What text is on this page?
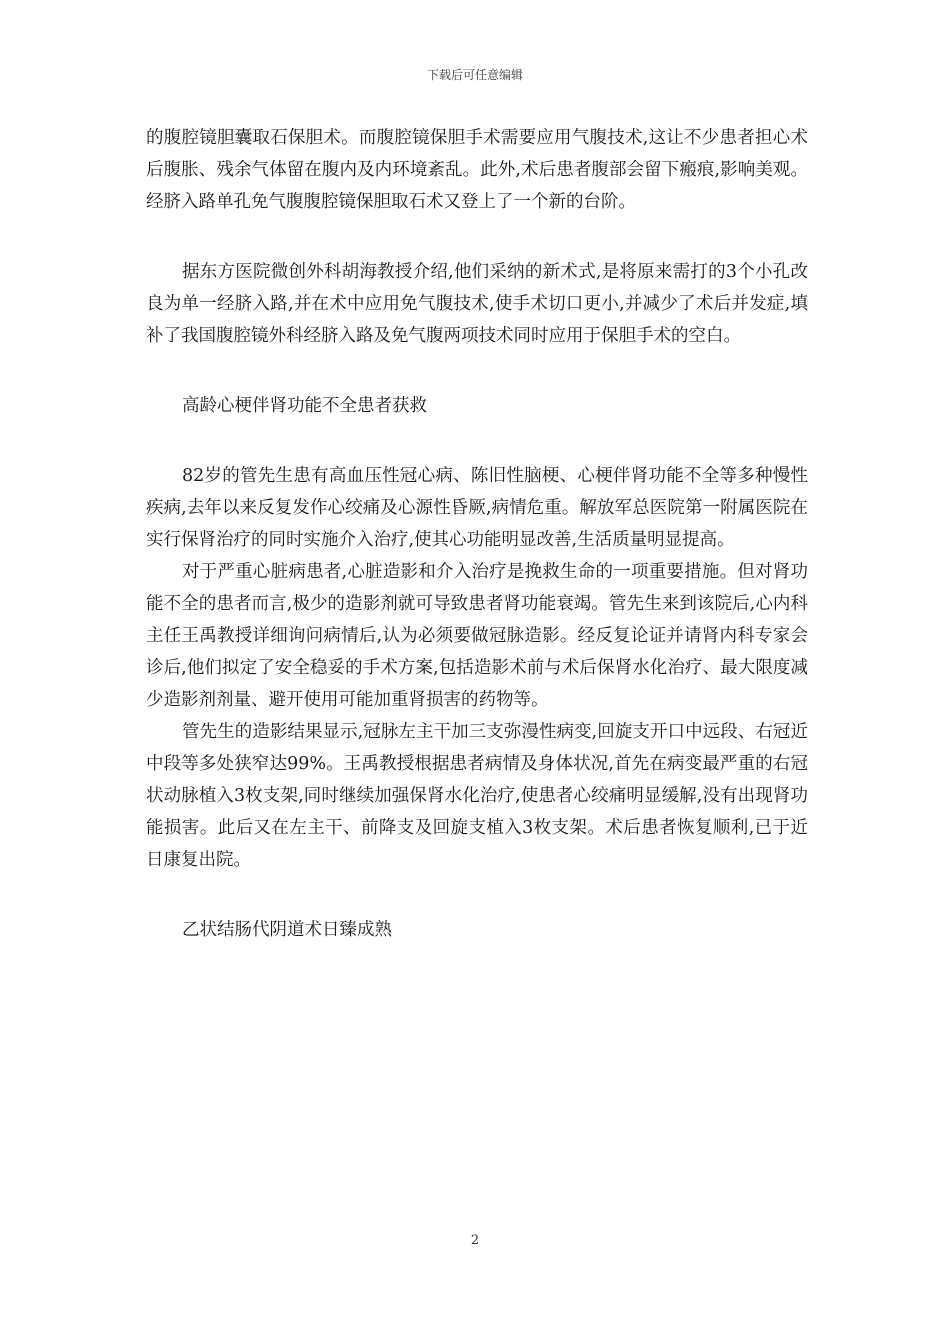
下载后可任意编辑

的腹腔镜胆囊取石保胆术。而腹腔镜保胆手术需要应用气腹技术,这让不少患者担心术后腹胀、残余气体留在腹内及内环境紊乱。此外,术后患者腹部会留下瘢痕,影响美观。经脐入路单孔免气腹腹腔镜保胆取石术又登上了一个新的台阶。

据东方医院微创外科胡海教授介绍,他们采纳的新术式,是将原来需打的3个小孔改良为单一经脐入路,并在术中应用免气腹技术,使手术切口更小,并减少了术后并发症,填补了我国腹腔镜外科经脐入路及免气腹两项技术同时应用于保胆手术的空白。

高龄心梗伴肾功能不全患者获救

82岁的管先生患有高血压性冠心病、陈旧性脑梗、心梗伴肾功能不全等多种慢性疾病,去年以来反复发作心绞痛及心源性昏厥,病情危重。解放军总医院第一附属医院在实行保肾治疗的同时实施介入治疗,使其心功能明显改善,生活质量明显提高。

对于严重心脏病患者,心脏造影和介入治疗是挽救生命的一项重要措施。但对肾功能不全的患者而言,极少的造影剂就可导致患者肾功能衰竭。管先生来到该院后,心内科主任王禹教授详细询问病情后,认为必须要做冠脉造影。经反复论证并请肾内科专家会诊后,他们拟定了安全稳妥的手术方案,包括造影术前与术后保肾水化治疗、最大限度减少造影剂剂量、避开使用可能加重肾损害的药物等。

管先生的造影结果显示,冠脉左主干加三支弥漫性病变,回旋支开口中远段、右冠近中段等多处狭窄达99%。王禹教授根据患者病情及身体状况,首先在病变最严重的右冠状动脉植入3枚支架,同时继续加强保肾水化治疗,使患者心绞痛明显缓解,没有出现肾功能损害。此后又在左主干、前降支及回旋支植入3枚支架。术后患者恢复顺利,已于近日康复出院。

乙状结肠代阴道术日臻成熟

2
